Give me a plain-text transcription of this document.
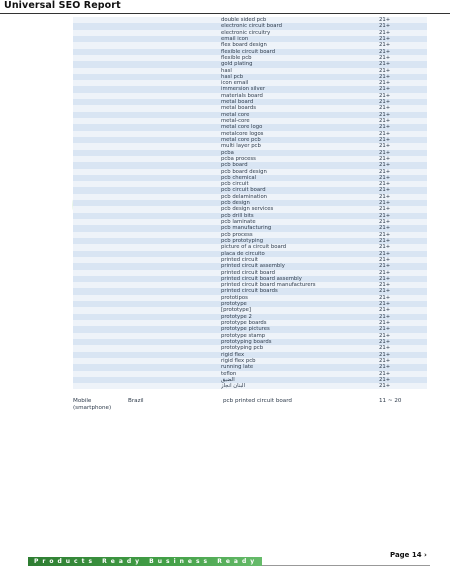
Universal SEO Report
		double sided pcb	21+
		electronic circuit board	21+
		electronic circuitry	21+
		email icon	21+
		flex board design	21+
		flexible circuit board	21+
		flexible pcb	21+
		gold plating	21+
		hasl	21+
		hasl pcb	21+
		icon email	21+
		immersion silver	21+
		materials board	21+
		metal board	21+
		metal boards	21+
		metal core	21+
		metal-core	21+
		metal core logo	21+
		metalcore logos	21+
		metal core pcb	21+
		multi layer pcb	21+
		pcba	21+
		pcba process	21+
		pcb board	21+
		pcb board design	21+
		pcb chemical	21+
		pcb circuit	21+
		pcb circuit board	21+
		pcb delamination	21+
		pcb design	21+
		pcb design services	21+
		pcb drill bits	21+
		pcb laminate	21+
		pcb manufacturing	21+
		pcb process	21+
		pcb prototyping	21+
		picture of a circuit board	21+
		placa de circuito	21+
		printed circuit	21+
		printed circuit assembly	21+
		printed circuit board	21+
		printed circuit board assembly	21+
		printed circuit board manufacturers	21+
		printed circuit boards	21+
		prototipos	21+
		prototype	21+
		[prototype]	21+
		prototype 2	21+
		prototype boards	21+
		prototype pictures	21+
		prototype stamp	21+
		prototyping boards	21+
		prototyping pcb	21+
		rigid flex	21+
		rigid flex pcb	21+
		running late	21+
		teflon	21+
		الضيق	21+
		البنان انجاز	21+
Mobile (smartphone)
Brazil	pcb printed circuit board	11 ~ 20
Products Ready Business Ready
Page 14 ›
